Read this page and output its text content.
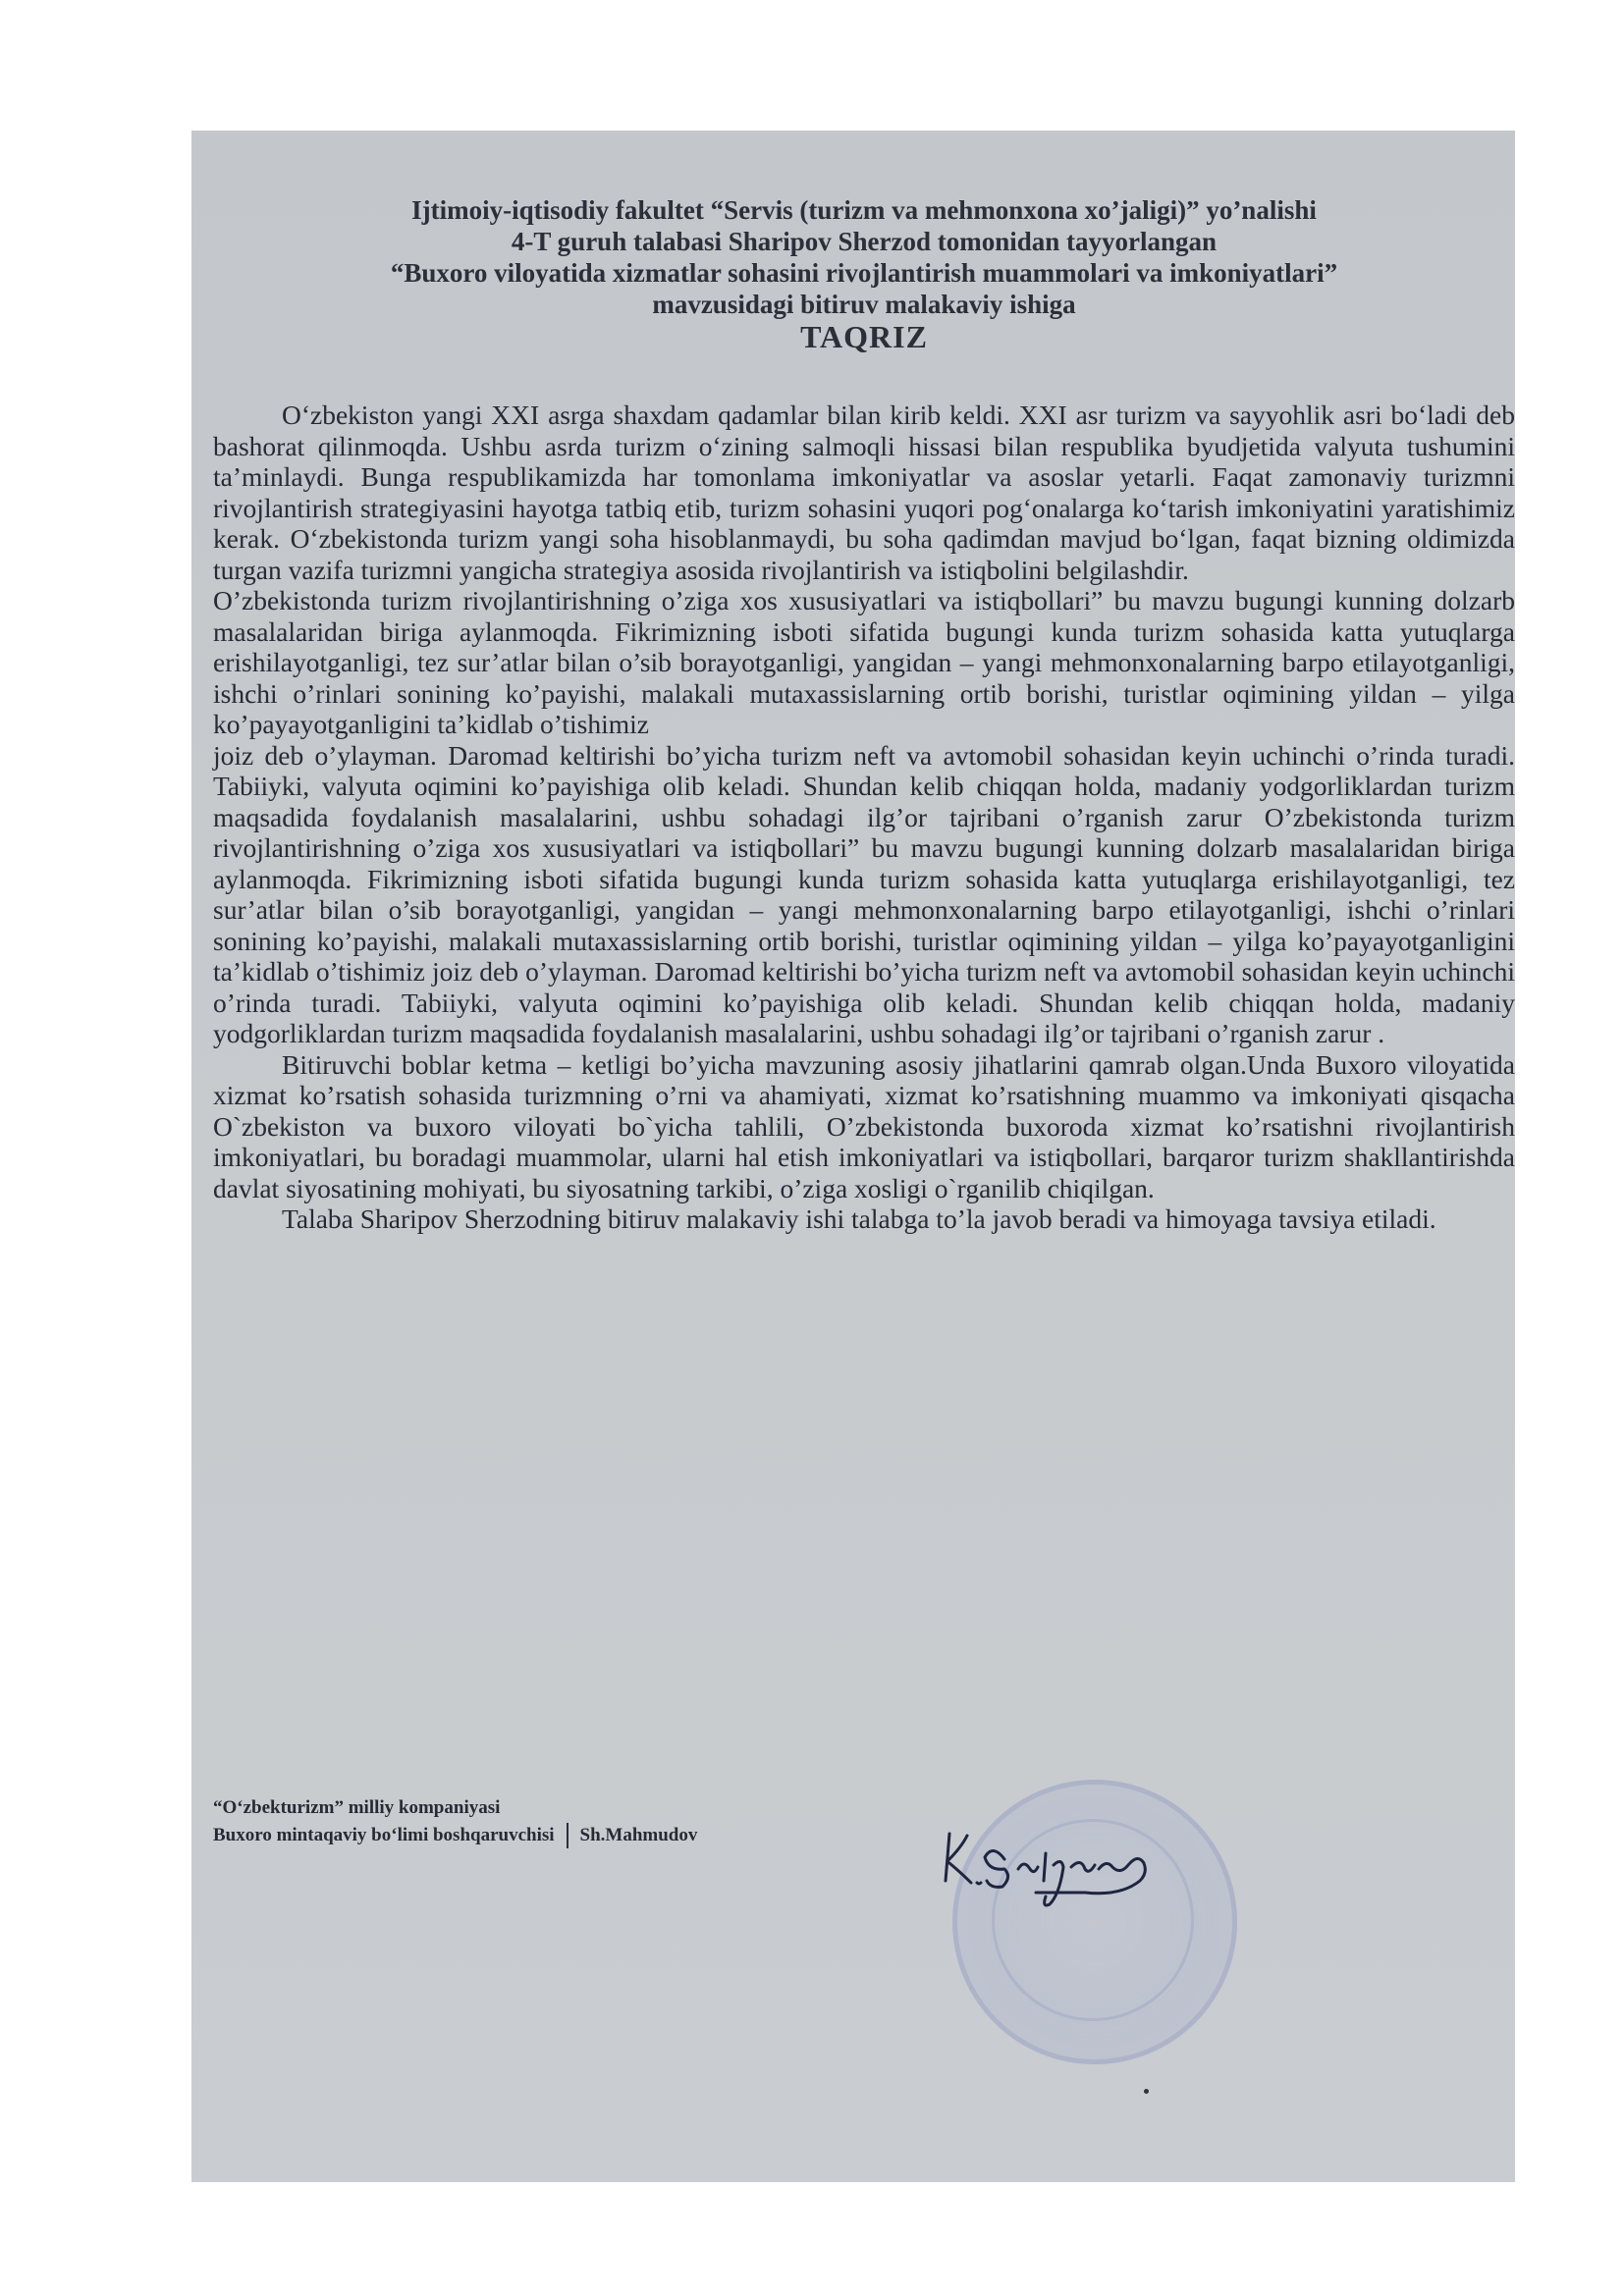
Ijtimoiy-iqtisodiy fakultet “Servis (turizm va mehmonxona xo’jaligi)” yo’nalishi
4-T guruh talabasi Sharipov Sherzod tomonidan tayyorlangan
“Buxoro viloyatida xizmatlar sohasini rivojlantirish muammolari va imkoniyatlari”
mavzusidagi bitiruv malakaviy ishiga
TAQRIZ

O‘zbekiston yangi XXI asrga shaxdam qadamlar bilan kirib keldi. XXI asr turizm va sayyohlik asri bo‘ladi deb bashorat qilinmoqda. Ushbu asrda turizm o‘zining salmoqli hissasi bilan respublika byudjetida valyuta tushumini ta’minlaydi. Bunga respublikamizda har tomonlama imkoniyatlar va asoslar yetarli. Faqat zamonaviy turizmni rivojlantirish strategiyasini hayotga tatbiq etib, turizm sohasini yuqori pog‘onalarga ko‘tarish imkoniyatini yaratishimiz kerak. O‘zbekistonda turizm yangi soha hisoblanmaydi, bu soha qadimdan mavjud bo‘lgan, faqat bizning oldimizda turgan vazifa turizmni yangicha strategiya asosida rivojlantirish va istiqbolini belgilashdir.

O’zbekistonda turizm rivojlantirishning o’ziga xos xususiyatlari va istiqbollari” bu mavzu bugungi kunning dolzarb masalalaridan biriga aylanmoqda. Fikrimizning isboti sifatida bugungi kunda turizm sohasida katta yutuqlarga erishilayotganligi, tez sur’atlar bilan o’sib borayotganligi, yangidan – yangi mehmonxonalarning barpo etilayotganligi, ishchi o’rinlari sonining ko’payishi, malakali mutaxassislarning ortib borishi, turistlar oqimining yildan – yilga ko’payayotganligini ta’kidlab o’tishimiz

joiz deb o’ylayman. Daromad keltirishi bo’yicha turizm neft va avtomobil sohasidan keyin uchinchi o’rinda turadi. Tabiiyki, valyuta oqimini ko’payishiga olib keladi. Shundan kelib chiqqan holda, madaniy yodgorliklardan turizm maqsadida foydalanish masalalarini, ushbu sohadagi ilg’or tajribani o’rganish zarur O’zbekistonda turizm rivojlantirishning o’ziga xos xususiyatlari va istiqbollari” bu mavzu bugungi kunning dolzarb masalalaridan biriga aylanmoqda. Fikrimizning isboti sifatida bugungi kunda turizm sohasida katta yutuqlarga erishilayotganligi, tez sur’atlar bilan o’sib borayotganligi, yangidan – yangi mehmonxonalarning barpo etilayotganligi, ishchi o’rinlari sonining ko’payishi, malakali mutaxassislarning ortib borishi, turistlar oqimining yildan – yilga ko’payayotganligini ta’kidlab o’tishimiz joiz deb o’ylayman. Daromad keltirishi bo’yicha turizm neft va avtomobil sohasidan keyin uchinchi o’rinda turadi. Tabiiyki, valyuta oqimini ko’payishiga olib keladi. Shundan kelib chiqqan holda, madaniy yodgorliklardan turizm maqsadida foydalanish masalalarini, ushbu sohadagi ilg’or tajribani o’rganish zarur .

Bitiruvchi boblar ketma – ketligi bo’yicha mavzuning asosiy jihatlarini qamrab olgan.Unda Buxoro viloyatida xizmat ko’rsatish sohasida turizmning o’rni va ahamiyati, xizmat ko’rsatishning muammo va imkoniyati qisqacha O`zbekiston va buxoro viloyati bo`yicha tahlili, O’zbekistonda buxoroda xizmat ko’rsatishni rivojlantirish imkoniyatlari, bu boradagi muammolar, ularni hal etish imkoniyatlari va istiqbollari, barqaror turizm shakllantirishda davlat siyosatining mohiyati, bu siyosatning tarkibi, o’ziga xosligi o`rganilib chiqilgan.

Talaba Sharipov Sherzodning bitiruv malakaviy ishi talabga to’la javob beradi va himoyaga tavsiya etiladi.

“O‘zbekturizm” milliy kompaniyasi
Buxoro mintaqaviy bo‘limi boshqaruvchisi Sh.Mahmudov
